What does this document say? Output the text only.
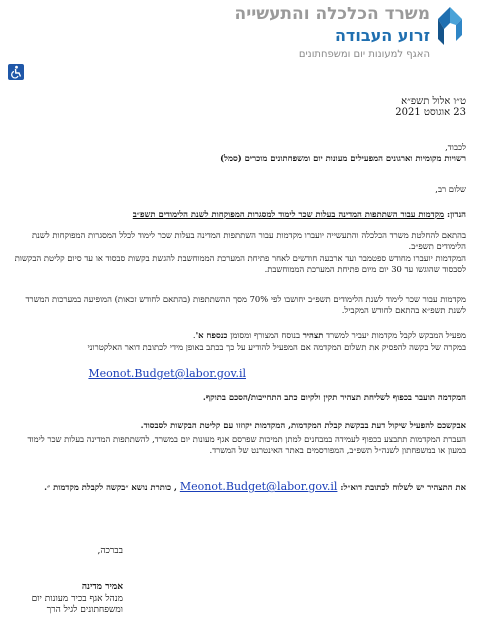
משרד הכלכלה והתעשייה
זרוע העבודה
האגף למעונות יום ומשפחתונים
ט״ו אלול תשפ״א
23 אוגוסט 2021
לכבוד,
רשויות מקומיות וארגונים המפעילים מעונות יום ומשפחתונים מוכרים (סמל)
שלום רב,
הנדון: מקדמות עבור השתתפות המדינה בעלות שכר לימוד למסגרות המפוקחות לשנת הלימודים תשפ״ב
בהתאם להחלטת משרד הכלכלה והתעשייה יועברו מקדמות עבור השתתפות המדינה בעלות שכר לימוד לכלל המסגרות המפוקחות לשנת הלימודים תשפ״ב.
המקדמות יועברו מחודש ספטמבר ועד ארבעה חודשים לאחר פתיחת המערכת הממוחשבת להגשת בקשות סבסוד או עד סיום קליטת הבקשות לסבסוד שהוגשו עד 30 יום מיום פתיחת המערכת הממוחשבת.
מקדמות עבור שכר לימוד לשנת הלימודים תשפ״ב יחושבו לפי 70% מסך ההשתתפות (בהתאם לחודש זכאות) המופיעה במערכות המשרד לשנת תשפ״א בהתאם לחודש המקביל.
מפעיל המבקש לקבל מקדמות יעביר למשרד תצהיר בנוסח המצורף ומסומן כנספח א'.
במקרה של בקשה להפסיק את תשלום המקדמה אם המפעיל להודיע על כך בכתב באופן מידי לכתובת דואר האלקטרוני
Meonot.Budget@labor.gov.il
המקדמה תועבר בכפוף לשליחת תצהיר תקין ולקיום כתב התחייבות/הסכם בתוקף.
אבקשכם להפעיל שיקול דעת בבקשת קבלת המקדמות, המקדמות יקוזזו עם קליטת הבקשות לסבסוד.
העברת המקדמות תתבצע בכפוף לעמידה במבחנים למתן תמיכות שפרסם אגף מעונות יום במשרד, להשתתפות המדינה בעלות שכר לימוד במעון או במשפחתון לשנה״ל תשפ״ב, המפורסמים באתר האינטרנט של המשרד.
את התצהיר יש לשלוח לכתובת דוא״ל: Meonot.Budget@labor.gov.il , כותרת נושא ״בקשה לקבלת מקדמות ״.
בברכה,
אמיר מדינה
מנהל אגף בכיר מעונות יום
ומשפחתונים לגיל הרך
